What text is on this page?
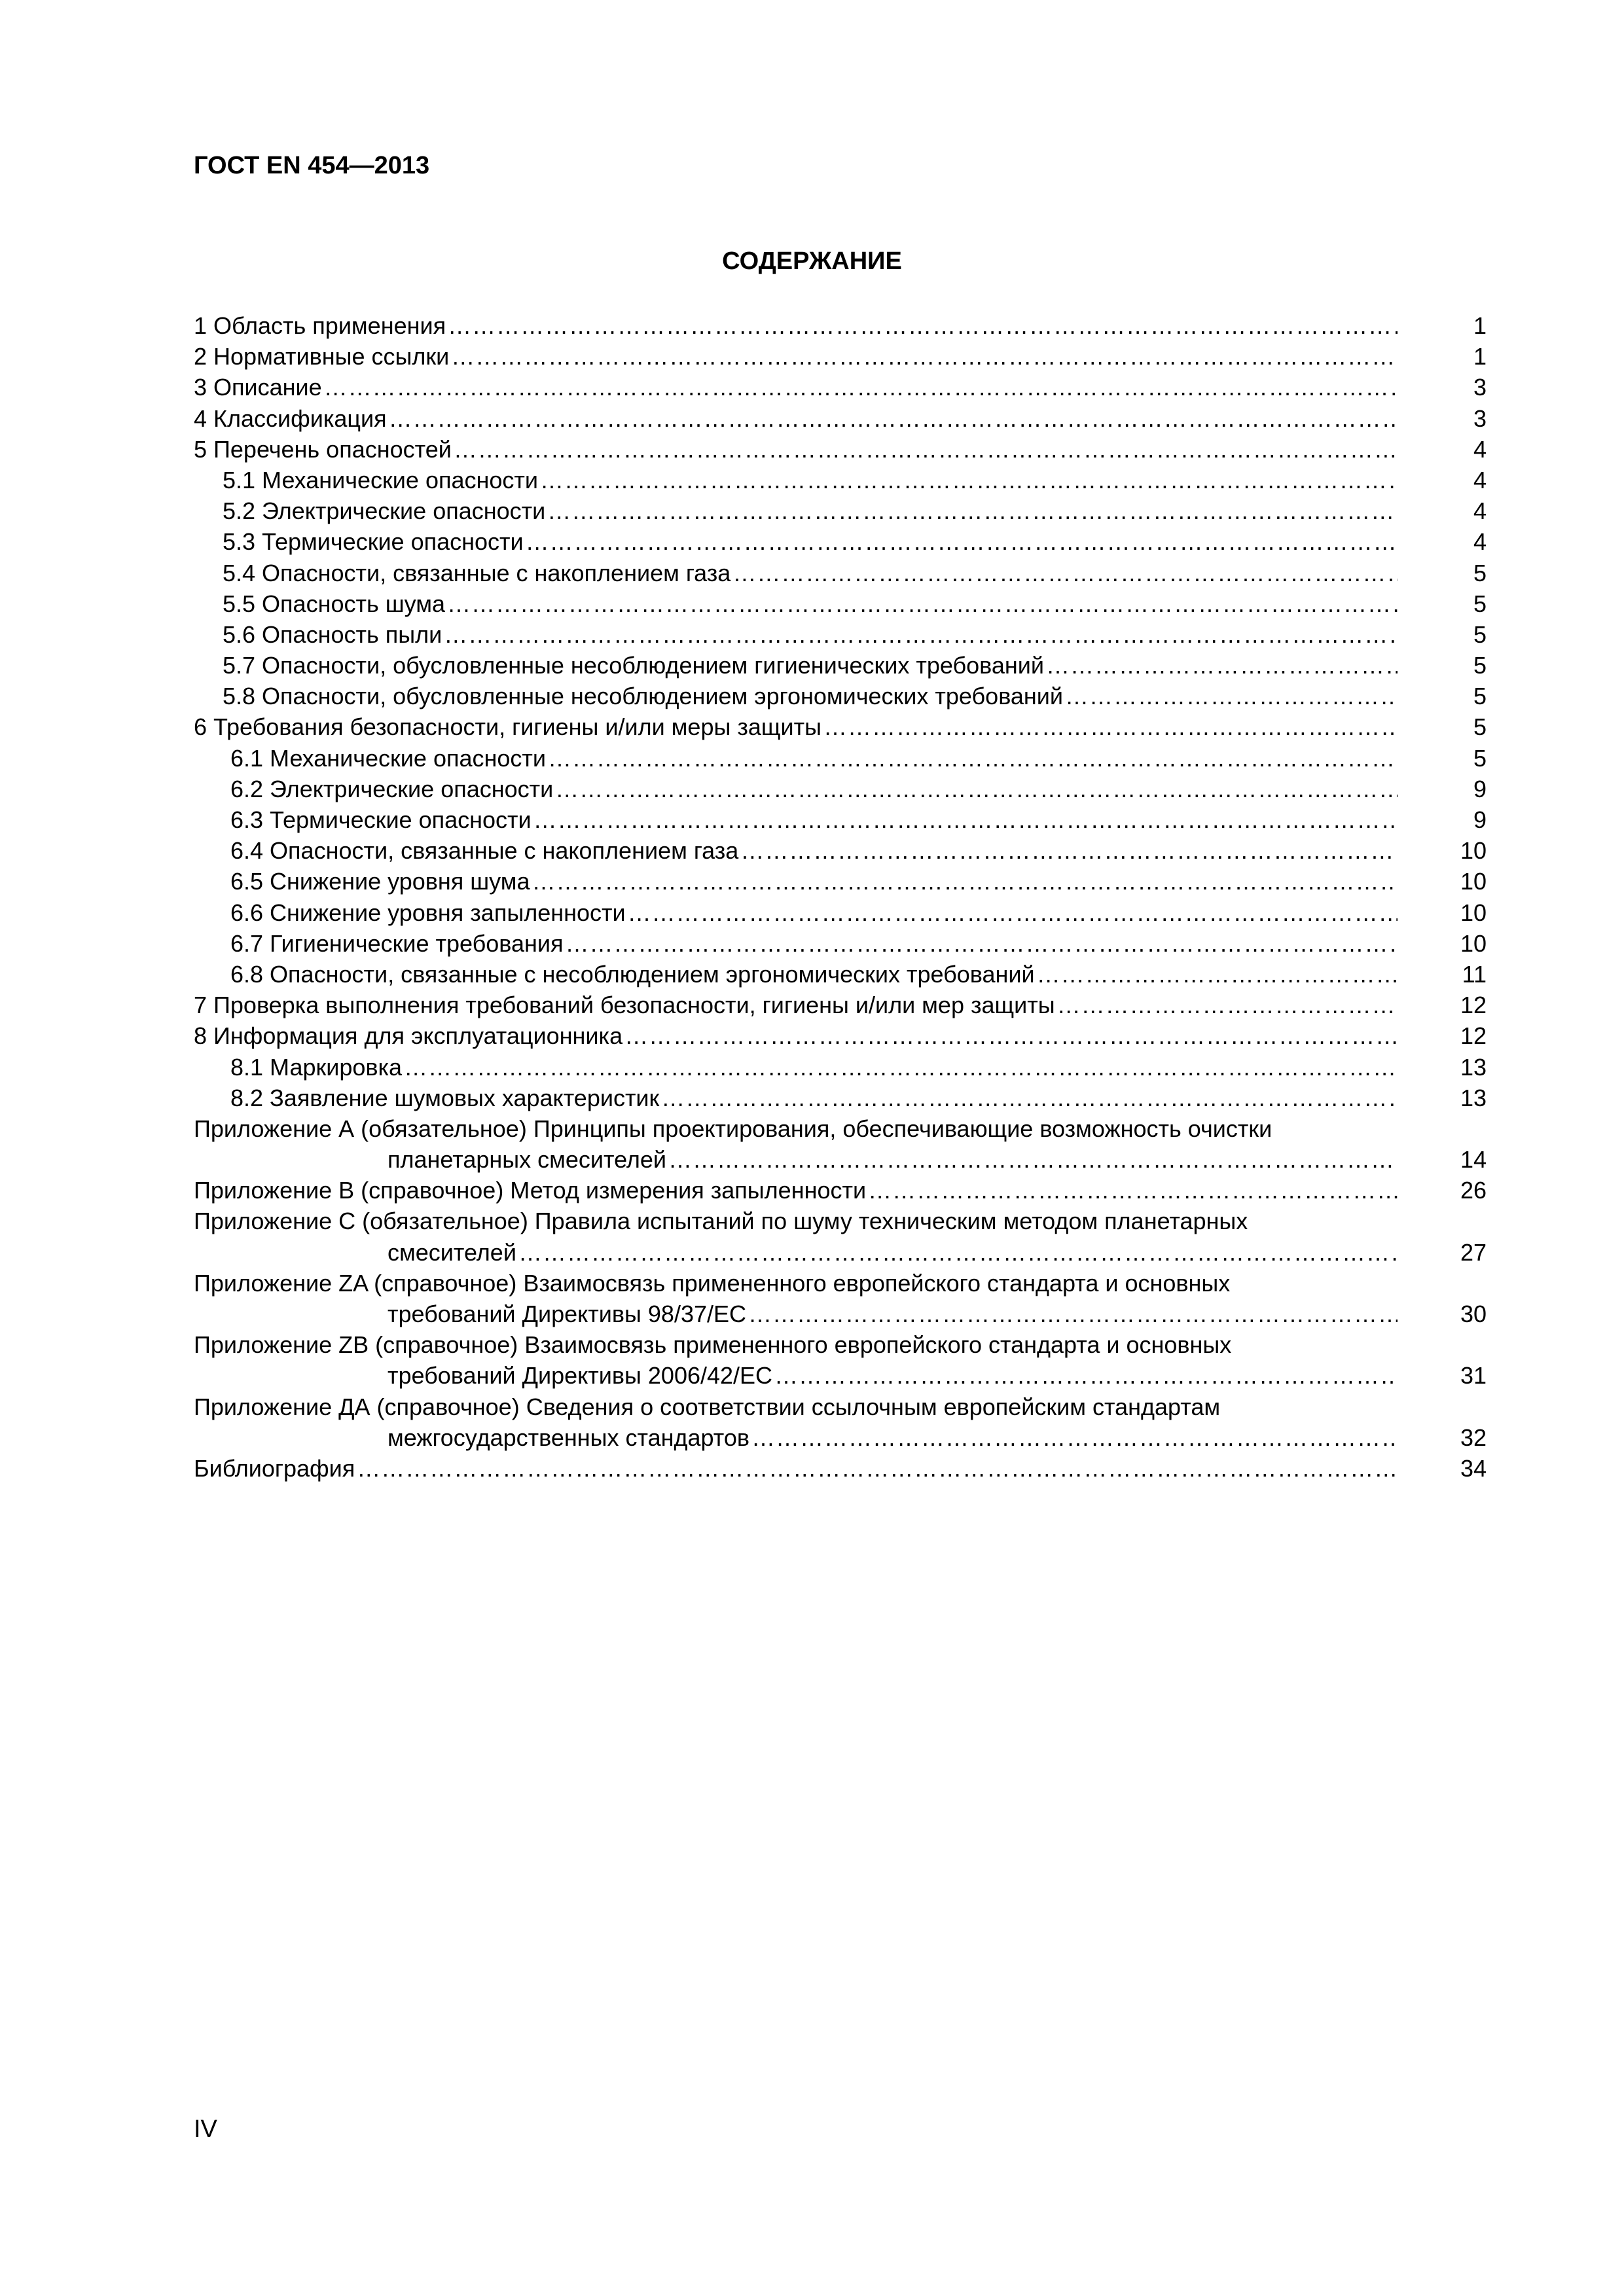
ГОСТ EN 454—2013
СОДЕРЖАНИЕ
1 Область применения …………………………………………………………………………………………………………………………………………………………………………………………………………………………………………………………………………………………	1
2 Нормативные ссылки …………………………………………………………………………………………………………………………………………………………………………………………………………………………………………………………………………………………	1
3 Описание …………………………………………………………………………………………………………………………………………………………………………………………………………………………………………………………………………………………	3
4 Классификация …………………………………………………………………………………………………………………………………………………………………………………………………………………………………………………………………………………………	3
5 Перечень опасностей …………………………………………………………………………………………………………………………………………………………………………………………………………………………………………………………………………………………	4
5.1 Механические опасности …………………………………………………………………………………………………………………………………………………………………………………………………………………………………………………………………………………………	4
5.2 Электрические опасности …………………………………………………………………………………………………………………………………………………………………………………………………………………………………………………………………………………………	4
5.3 Термические опасности …………………………………………………………………………………………………………………………………………………………………………………………………………………………………………………………………………………………	4
5.4 Опасности, связанные с накоплением газа …………………………………………………………………………………………………………………………………………………………………………………………………………………………………………………………………………………………	5
5.5 Опасность шума …………………………………………………………………………………………………………………………………………………………………………………………………………………………………………………………………………………………	5
5.6 Опасность пыли …………………………………………………………………………………………………………………………………………………………………………………………………………………………………………………………………………………………	5
5.7 Опасности, обусловленные несоблюдением гигиенических требований …………………………………………………………………………………………………………………………………………………………………………………………………………………………………………………………………………………………	5
5.8 Опасности, обусловленные несоблюдением эргономических требований …………………………………………………………………………………………………………………………………………………………………………………………………………………………………………………………………………………………	5
6 Требования безопасности, гигиены и/или меры защиты …………………………………………………………………………………………………………………………………………………………………………………………………………………………………………………………………………………………	5
6.1 Механические опасности …………………………………………………………………………………………………………………………………………………………………………………………………………………………………………………………………………………………	5
6.2 Электрические опасности …………………………………………………………………………………………………………………………………………………………………………………………………………………………………………………………………………………………	9
6.3 Термические опасности …………………………………………………………………………………………………………………………………………………………………………………………………………………………………………………………………………………………	9
6.4 Опасности, связанные с накоплением газа …………………………………………………………………………………………………………………………………………………………………………………………………………………………………………………………………………………………	10
6.5 Снижение уровня шума …………………………………………………………………………………………………………………………………………………………………………………………………………………………………………………………………………………………	10
6.6 Снижение уровня запыленности …………………………………………………………………………………………………………………………………………………………………………………………………………………………………………………………………………………………	10
6.7 Гигиенические требования …………………………………………………………………………………………………………………………………………………………………………………………………………………………………………………………………………………………	10
6.8 Опасности, связанные с несоблюдением эргономических требований …………………………………………………………………………………………………………………………………………………………………………………………………………………………………………………………………………………………	11
7 Проверка выполнения требований безопасности, гигиены и/или мер защиты …………………………………………………………………………………………………………………………………………………………………………………………………………………………………………………………………………………………	12
8 Информация для эксплуатационника …………………………………………………………………………………………………………………………………………………………………………………………………………………………………………………………………………………………	12
8.1 Маркировка …………………………………………………………………………………………………………………………………………………………………………………………………………………………………………………………………………………………	13
8.2 Заявление шумовых характеристик …………………………………………………………………………………………………………………………………………………………………………………………………………………………………………………………………………………………	13
Приложение А (обязательное) Принципы проектирования, обеспечивающие возможность очистки
планетарных смесителей …………………………………………………………………………………………………………………………………………………………………………………………………………………………………………………………………………………………	14
Приложение В (справочное) Метод измерения запыленности …………………………………………………………………………………………………………………………………………………………………………………………………………………………………………………………………………………………	26
Приложение С (обязательное) Правила испытаний по шуму техническим методом планетарных
смесителей …………………………………………………………………………………………………………………………………………………………………………………………………………………………………………………………………………………………	27
Приложение ZA (справочное) Взаимосвязь примененного европейского стандарта и основных
требований Директивы 98/37/ЕС …………………………………………………………………………………………………………………………………………………………………………………………………………………………………………………………………………………………	30
Приложение ZB (справочное) Взаимосвязь примененного европейского стандарта и основных
требований Директивы 2006/42/ЕС …………………………………………………………………………………………………………………………………………………………………………………………………………………………………………………………………………………………	31
Приложение ДА (справочное) Сведения о соответствии ссылочным европейским стандартам
межгосударственных стандартов …………………………………………………………………………………………………………………………………………………………………………………………………………………………………………………………………………………………	32
Библиография …………………………………………………………………………………………………………………………………………………………………………………………………………………………………………………………………………………………	34
IV
